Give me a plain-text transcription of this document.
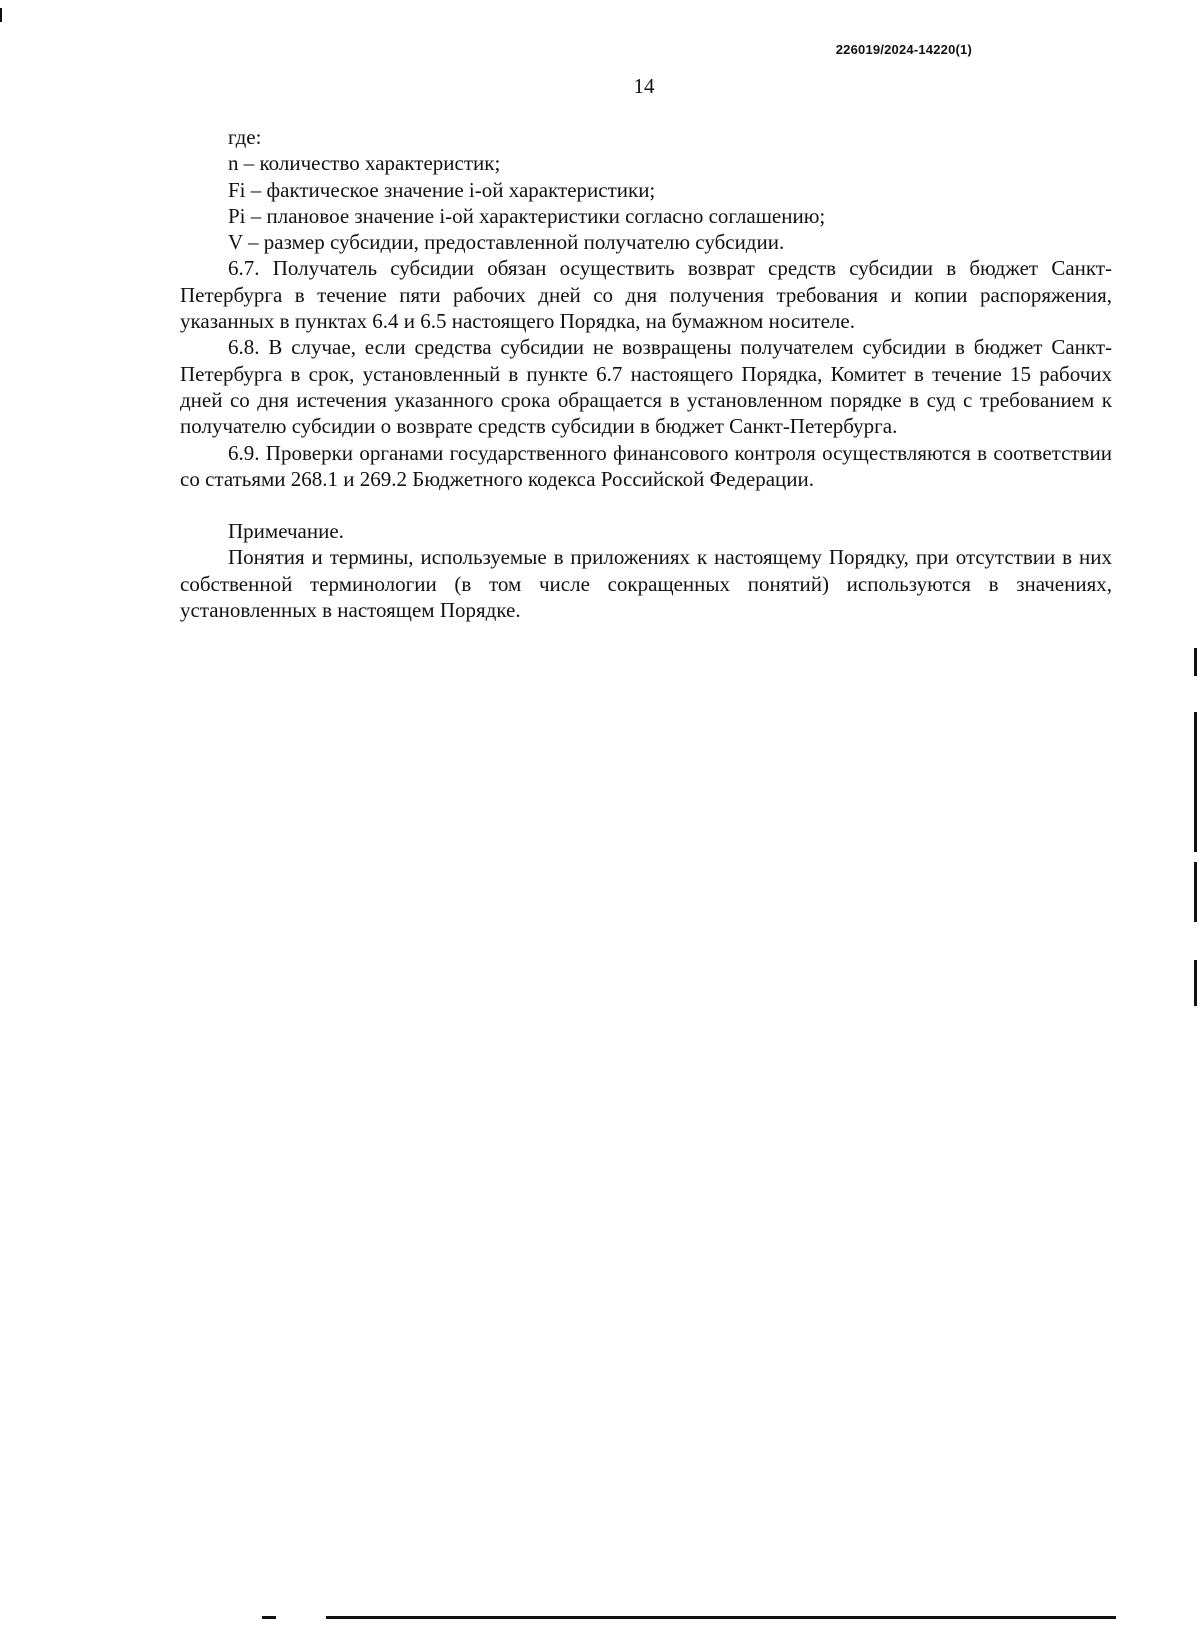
226019/2024-14220(1)
14

где:

n – количество характеристик;

Fi – фактическое значение i-ой характеристики;

Pi – плановое значение i-ой характеристики согласно соглашению;

V – размер субсидии, предоставленной получателю субсидии.

6.7. Получатель субсидии обязан осуществить возврат средств субсидии в бюджет Санкт-Петербурга в течение пяти рабочих дней со дня получения требования и копии распоряжения, указанных в пунктах 6.4 и 6.5 настоящего Порядка, на бумажном носителе.

6.8. В случае, если средства субсидии не возвращены получателем субсидии в бюджет Санкт-Петербурга в срок, установленный в пункте 6.7 настоящего Порядка, Комитет в течение 15 рабочих дней со дня истечения указанного срока обращается в установленном порядке в суд с требованием к получателю субсидии о возврате средств субсидии в бюджет Санкт-Петербурга.

6.9. Проверки органами государственного финансового контроля осуществляются в соответствии со статьями 268.1 и 269.2 Бюджетного кодекса Российской Федерации.

Примечание.

Понятия и термины, используемые в приложениях к настоящему Порядку, при отсутствии в них собственной терминологии (в том числе сокращенных понятий) используются в значениях, установленных в настоящем Порядке.
